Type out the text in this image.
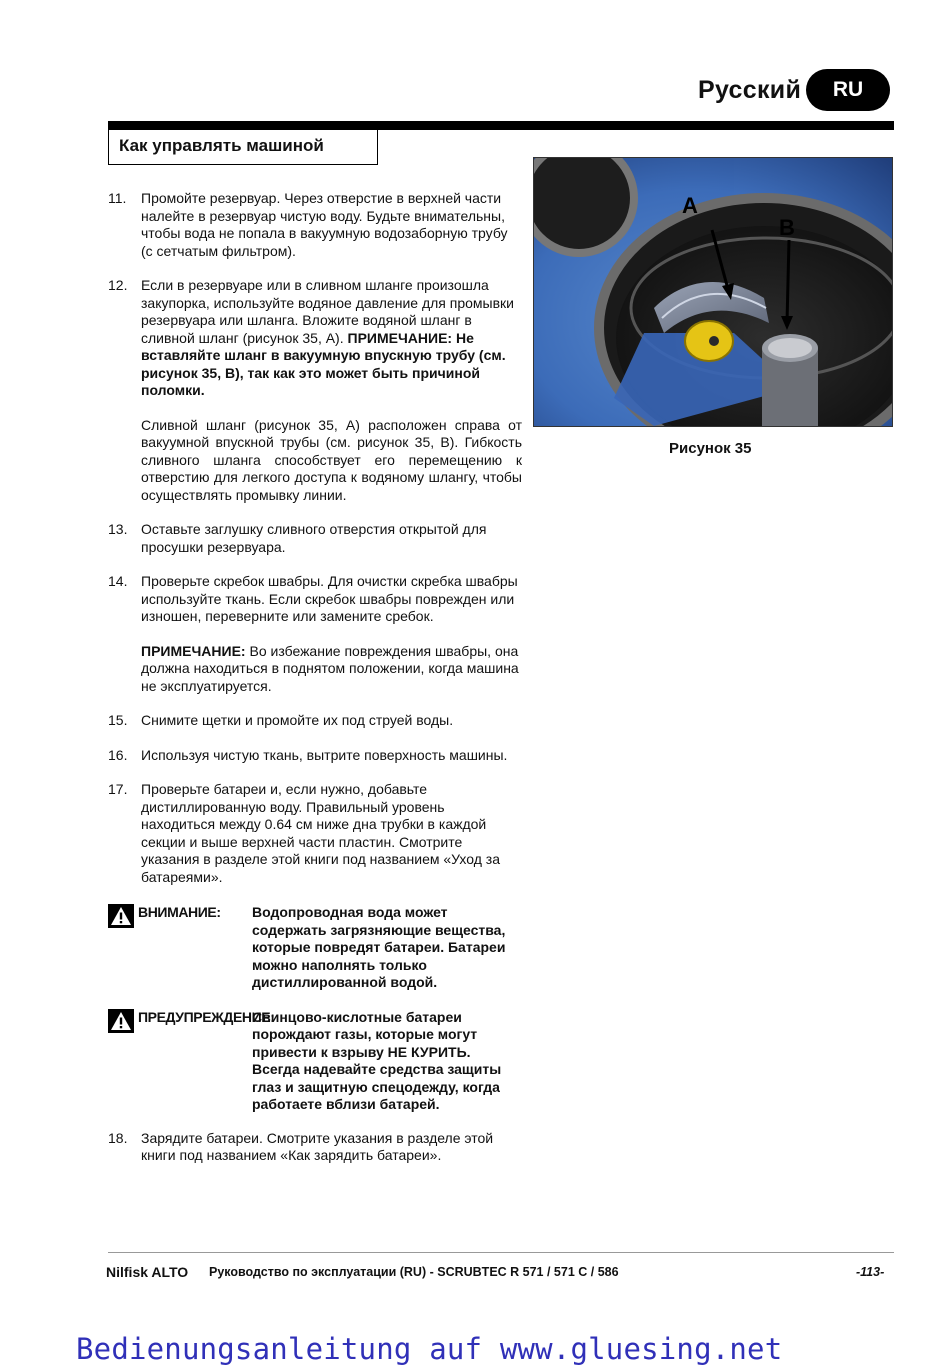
Русский	RU
Как управлять машиной
11.	Промойте резервуар. Через отверстие в верхней части налейте в резервуар чистую воду. Будьте внимательны, чтобы вода не попала в вакуумную водозаборную трубу (с сетчатым фильтром).

12. Если в резервуаре или в сливном шланге произошла закупорка, используйте водяное давление для промывки резервуара или шланга. Вложите водяной шланг в сливной шланг (рисунок 35, А). ПРИМЕЧАНИЕ: Не вставляйте шланг в вакуумную впускную трубу (см. рисунок 35, В), так как это может быть причиной поломки.

Сливной шланг (рисунок 35, А) расположен справа от вакуумной впускной трубы (см. рисунок 35, В). Гибкость сливного шланга способствует его перемещению к отверстию для легкого доступа к водяному шлангу, чтобы осуществлять промывку линии.

13. Оставьте заглушку сливного отверстия открытой для просушки резервуара.

14. Проверьте скребок швабры. Для очистки скребка швабры используйте ткань. Если скребок швабры поврежден или изношен, переверните или замените сребок.

ПРИМЕЧАНИЕ: Во избежание повреждения швабры, она должна находиться в поднятом положении, когда машина не эксплуатируется.

15. Снимите щетки и промойте их под струей воды.

16. Используя чистую ткань, вытрите поверхность машины.

17. Проверьте батареи и, если нужно, добавьте дистиллированную воду. Правильный уровень находиться между 0.64 см ниже дна трубки в каждой секции и выше верхней части пластин. Смотрите указания в разделе этой книги под названием «Уход за батареями».

ВНИМАНИЕ:	Водопроводная вода может содержать загрязняющие вещества, которые повредят батареи. Батареи можно наполнять только дистиллированной водой.
ПРЕДУПРЕЖДЕНИЕ:
Свинцово-кислотные батареи порождают газы, которые могут привести к взрыву НЕ КУРИТЬ. Всегда надевайте средства защиты глаз и защитную спецодежду, когда работаете вблизи батарей.
18. Зарядите батареи. Смотрите указания в разделе этой книги под названием «Как зарядить батареи».

A
B
Рисунок 35
Nilfisk ALTO Руководство по эксплуатации (RU) - SCRUBTEC R 571 / 571 C / 586	-113-
Bedienungsanleitung auf www.gluesing.net
